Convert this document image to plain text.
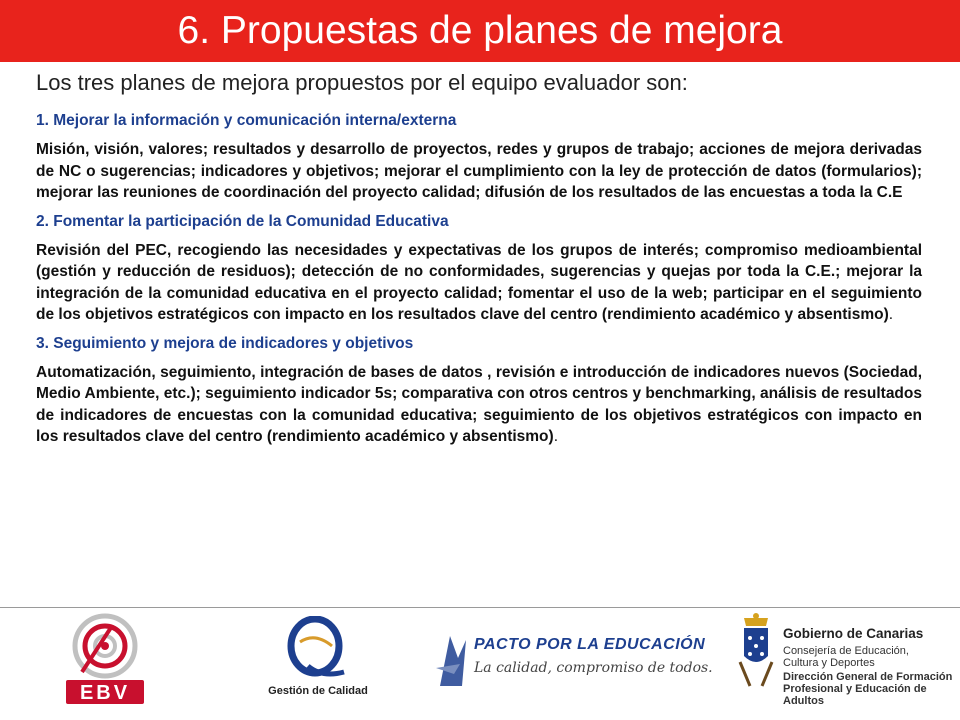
6. Propuestas de planes de mejora
Los tres planes de mejora propuestos por el equipo evaluador son:
1. Mejorar la información y comunicación interna/externa
Misión, visión, valores; resultados y desarrollo de proyectos, redes y grupos de trabajo; acciones de mejora derivadas de NC o sugerencias; indicadores y objetivos; mejorar el cumplimiento con la ley de protección de datos (formularios); mejorar las reuniones de coordinación del proyecto calidad; difusión de los resultados de las encuestas a toda la C.E
2. Fomentar la participación de la Comunidad Educativa
Revisión del PEC, recogiendo las necesidades y expectativas de los grupos de interés; compromiso medioambiental (gestión y reducción de residuos); detección de no conformidades, sugerencias y quejas por toda la C.E.; mejorar la integración de la comunidad educativa en el proyecto calidad; fomentar el uso de la web; participar en el seguimiento de los objetivos estratégicos con impacto en los resultados clave del centro (rendimiento académico y absentismo).
3. Seguimiento y mejora de indicadores y objetivos
Automatización, seguimiento, integración de bases de datos , revisión e introducción de indicadores nuevos (Sociedad, Medio Ambiente, etc.); seguimiento indicador 5s; comparativa con otros centros y benchmarking, análisis de resultados de indicadores de encuestas con la comunidad educativa; seguimiento de los objetivos estratégicos con impacto en los resultados clave del centro (rendimiento académico y absentismo).
EBV	Gestión de Calidad
PACTO POR LA EDUCACIÓN
La calidad, compromiso de todos.
Gobierno de Canarias
Consejería de Educación,
Cultura y Deportes
Dirección General de Formación
Profesional y Educación de Adultos
